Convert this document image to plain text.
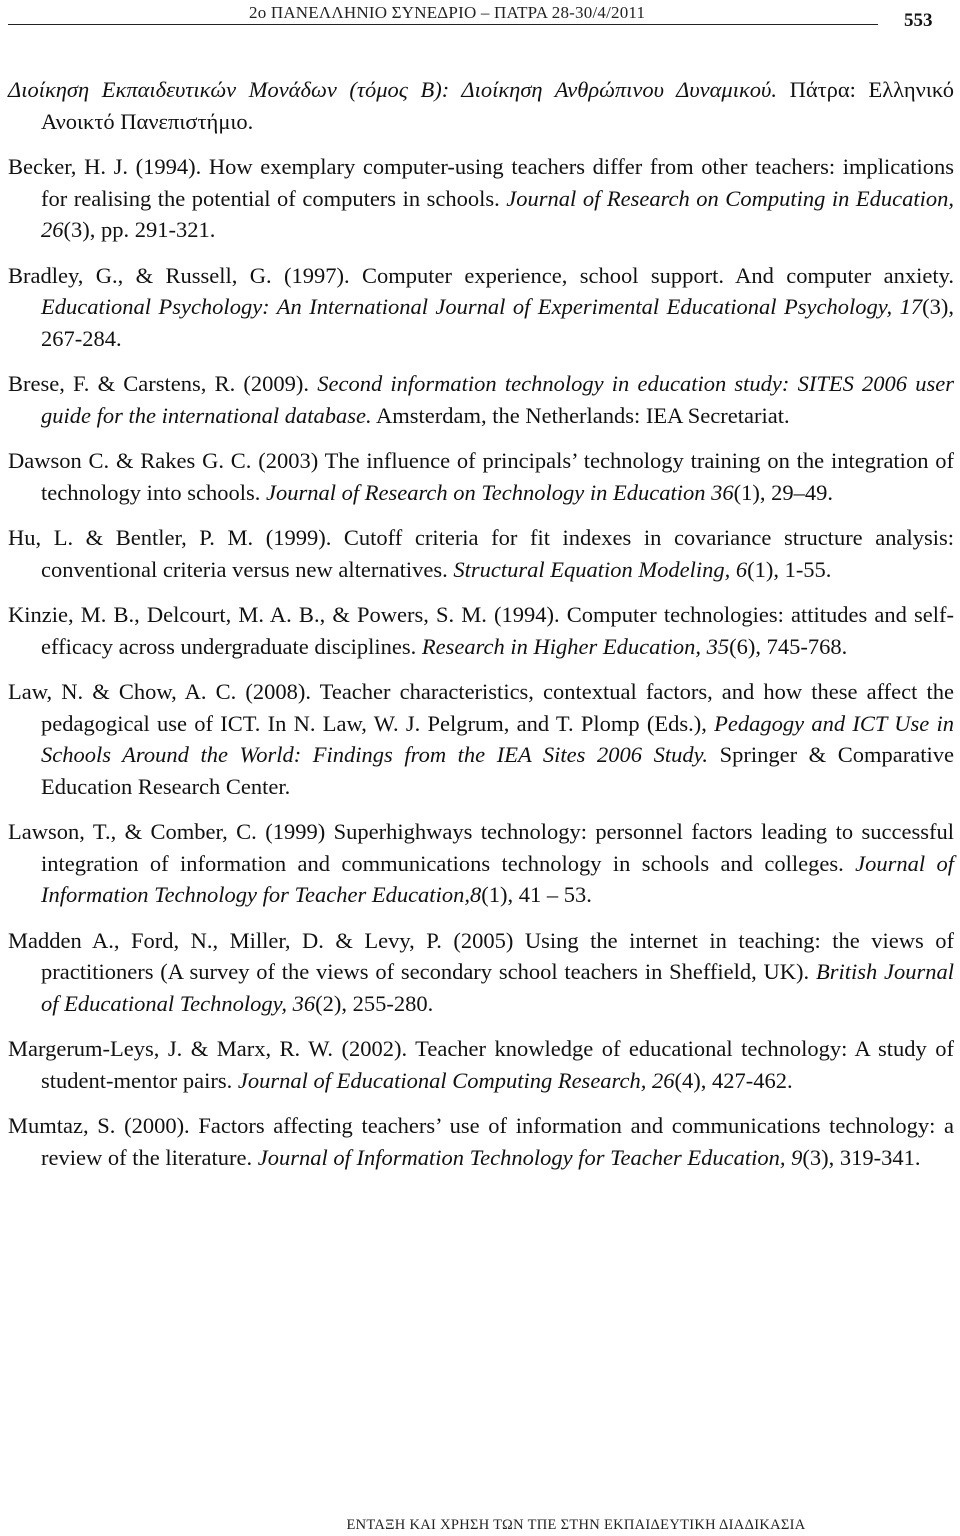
2ο ΠΑΝΕΛΛΗΝΙΟ ΣΥΝΕΔΡΙΟ – ΠΑΤΡΑ 28-30/4/2011	553

Διοίκηση Εκπαιδευτικών Μονάδων (τόμος Β): Διοίκηση Ανθρώπινου Δυναμικού. Πάτρα: Ελληνικό Ανοικτό Πανεπιστήμιο.

Becker, H. J. (1994). How exemplary computer-using teachers differ from other teachers: implications for realising the potential of computers in schools. Journal of Research on Computing in Education, 26(3), pp. 291-321.

Bradley, G., & Russell, G. (1997). Computer experience, school support. And computer anxiety. Educational Psychology: An International Journal of Experimental Educational Psychology, 17(3), 267-284.

Brese, F. & Carstens, R. (2009). Second information technology in education study: SITES 2006 user guide for the international database. Amsterdam, the Netherlands: IEA Secretariat.

Dawson C. & Rakes G. C. (2003) The influence of principals’ technology training on the integration of technology into schools. Journal of Research on Technology in Education 36(1), 29–49.

Hu, L. & Bentler, P. M. (1999). Cutoff criteria for fit indexes in covariance structure analysis: conventional criteria versus new alternatives. Structural Equation Modeling, 6(1), 1-55.

Kinzie, M. B., Delcourt, M. A. B., & Powers, S. M. (1994). Computer technologies: attitudes and self-efficacy across undergraduate disciplines. Research in Higher Education, 35(6), 745-768.

Law, N. & Chow, A. C. (2008). Teacher characteristics, contextual factors, and how these affect the pedagogical use of ICT. In N. Law, W. J. Pelgrum, and T. Plomp (Eds.), Pedagogy and ICT Use in Schools Around the World: Findings from the IEA Sites 2006 Study. Springer & Comparative Education Research Center.

Lawson, T., & Comber, C. (1999) Superhighways technology: personnel factors leading to successful integration of information and communications technology in schools and colleges. Journal of Information Technology for Teacher Education,8(1), 41 – 53.

Madden A., Ford, N., Miller, D. & Levy, P. (2005) Using the internet in teaching: the views of practitioners (A survey of the views of secondary school teachers in Sheffield, UK). British Journal of Educational Technology, 36(2), 255-280.

Margerum-Leys, J. & Marx, R. W. (2002). Teacher knowledge of educational technology: A study of student-mentor pairs. Journal of Educational Computing Research, 26(4), 427-462.

Mumtaz, S. (2000). Factors affecting teachers’ use of information and communications technology: a review of the literature. Journal of Information Technology for Teacher Education, 9(3), 319-341.

ΕΝΤΑΞΗ ΚΑΙ ΧΡΗΣΗ ΤΩΝ ΤΠΕ ΣΤΗΝ ΕΚΠΑΙΔΕΥΤΙΚΗ ΔΙΑΔΙΚΑΣΙΑ
